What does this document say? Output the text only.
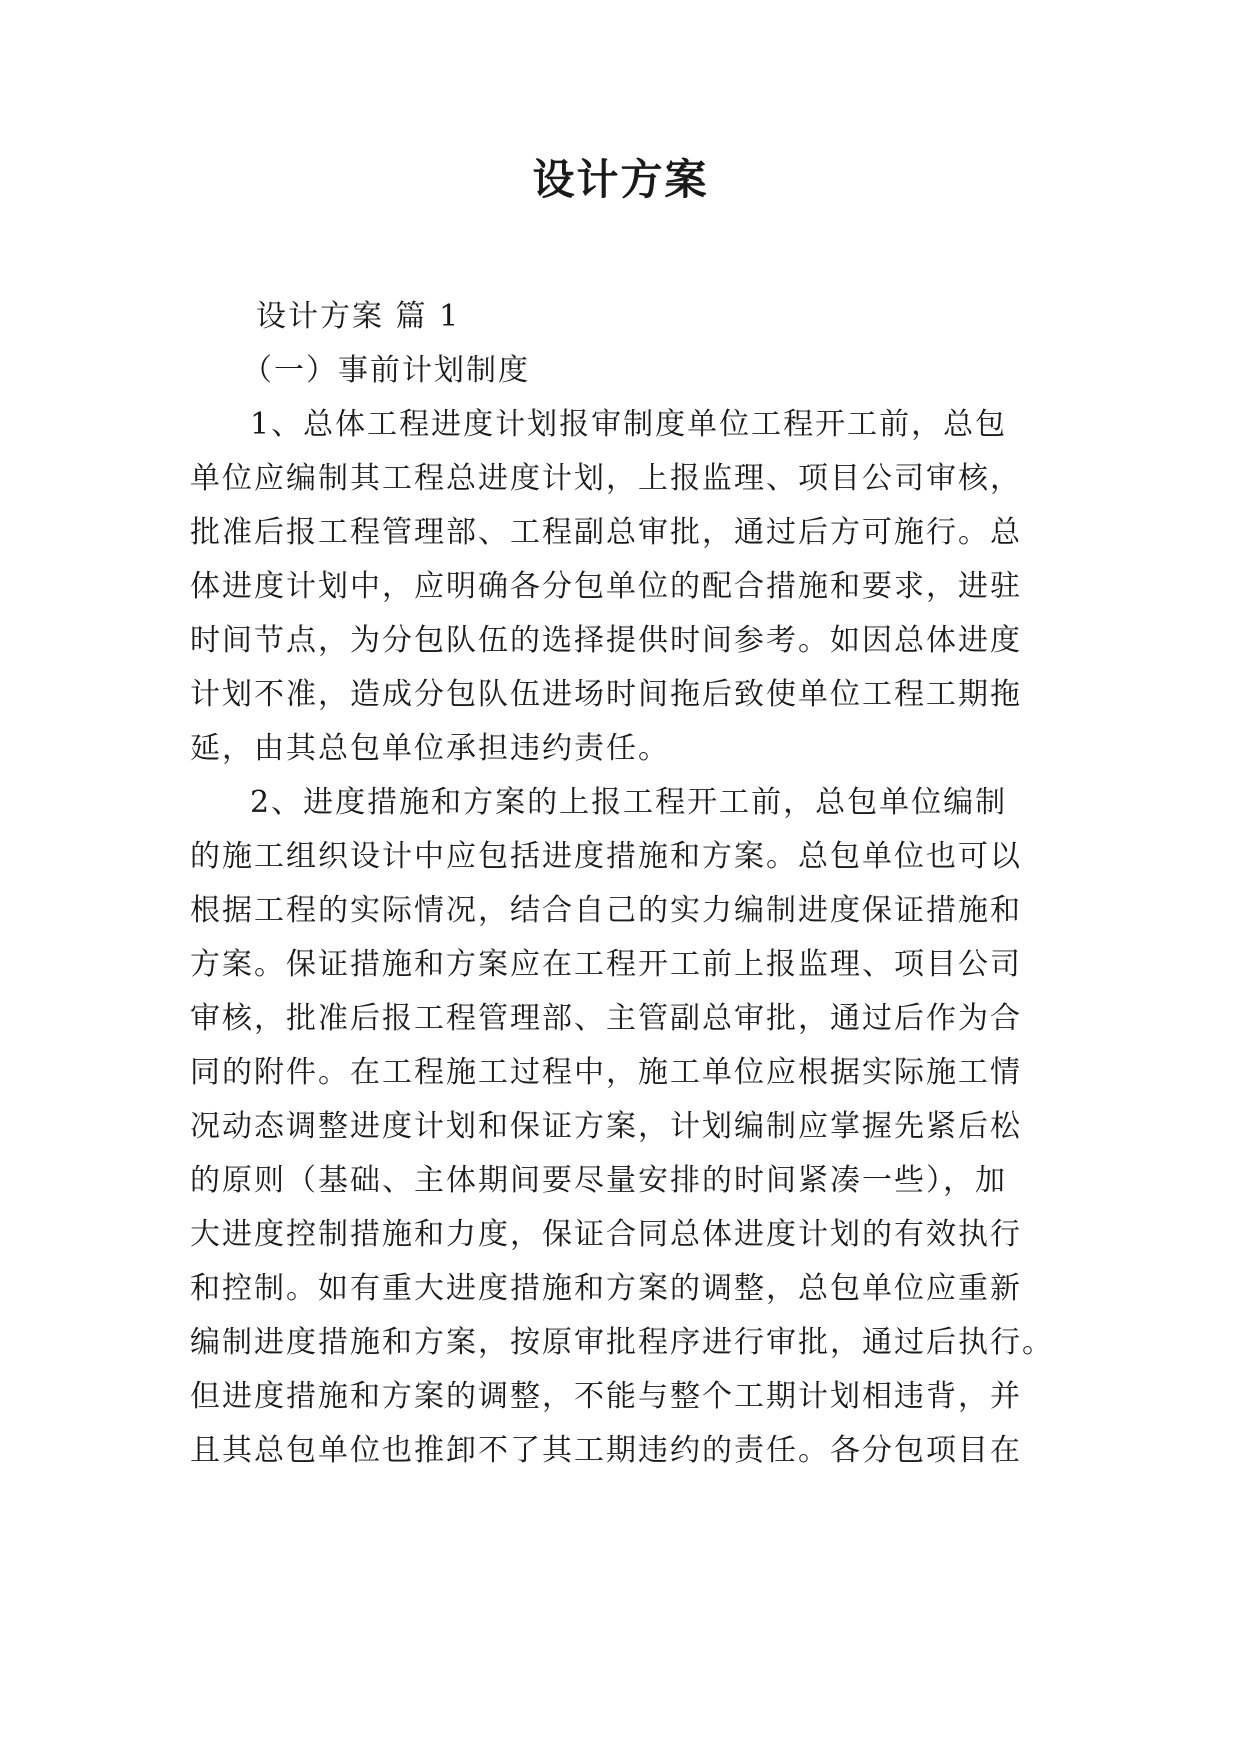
设计方案
设计方案 篇 1
（一）事前计划制度
1、总体工程进度计划报审制度单位工程开工前，总包
单位应编制其工程总进度计划，上报监理、项目公司审核，
批准后报工程管理部、工程副总审批，通过后方可施行。总
体进度计划中，应明确各分包单位的配合措施和要求，进驻
时间节点，为分包队伍的选择提供时间参考。如因总体进度
计划不准，造成分包队伍进场时间拖后致使单位工程工期拖
延，由其总包单位承担违约责任。
2、进度措施和方案的上报工程开工前，总包单位编制
的施工组织设计中应包括进度措施和方案。总包单位也可以
根据工程的实际情况，结合自己的实力编制进度保证措施和
方案。保证措施和方案应在工程开工前上报监理、项目公司
审核，批准后报工程管理部、主管副总审批，通过后作为合
同的附件。在工程施工过程中，施工单位应根据实际施工情
况动态调整进度计划和保证方案，计划编制应掌握先紧后松
的原则（基础、主体期间要尽量安排的时间紧凑一些），加
大进度控制措施和力度，保证合同总体进度计划的有效执行
和控制。如有重大进度措施和方案的调整，总包单位应重新
编制进度措施和方案，按原审批程序进行审批，通过后执行。
但进度措施和方案的调整，不能与整个工期计划相违背，并
且其总包单位也推卸不了其工期违约的责任。各分包项目在
